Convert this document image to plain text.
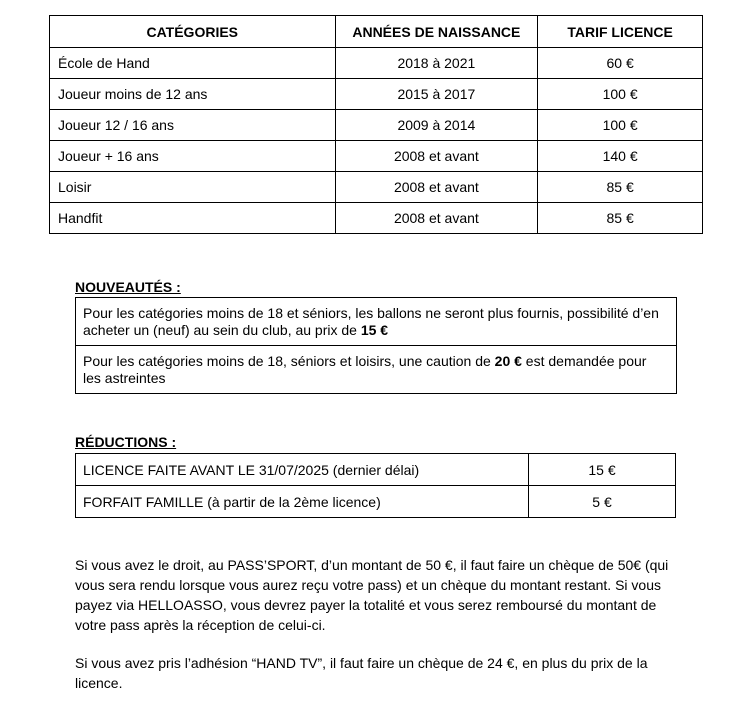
CATÉGORIES	ANNÉES DE NAISSANCE	TARIF LICENCE
École de Hand	2018 à 2021	60 €
Joueur moins de 12 ans	2015 à 2017	100 €
Joueur 12 / 16 ans	2009 à 2014	100 €
Joueur + 16 ans	2008 et avant	140 €
Loisir	2008 et avant	85 €
Handfit	2008 et avant	85 €

NOUVEAUTÉS :

Pour les catégories moins de 18 et séniors, les ballons ne seront plus fournis, possibilité d’en acheter un (neuf) au sein du club, au prix de 15 €
Pour les catégories moins de 18, séniors et loisirs, une caution de 20 € est demandée pour les astreintes

RÉDUCTIONS :

LICENCE FAITE AVANT LE 31/07/2025 (dernier délai)	15 €
FORFAIT FAMILLE (à partir de la 2ème licence)	5 €

Si vous avez le droit, au PASS’SPORT, d’un montant de 50 €, il faut faire un chèque de 50€ (qui vous sera rendu lorsque vous aurez reçu votre pass) et un chèque du montant restant. Si vous payez via HELLOASSO, vous devrez payer la totalité et vous serez remboursé du montant de votre pass après la réception de celui-ci.

Si vous avez pris l’adhésion “HAND TV”, il faut faire un chèque de 24 €, en plus du prix de la licence.
